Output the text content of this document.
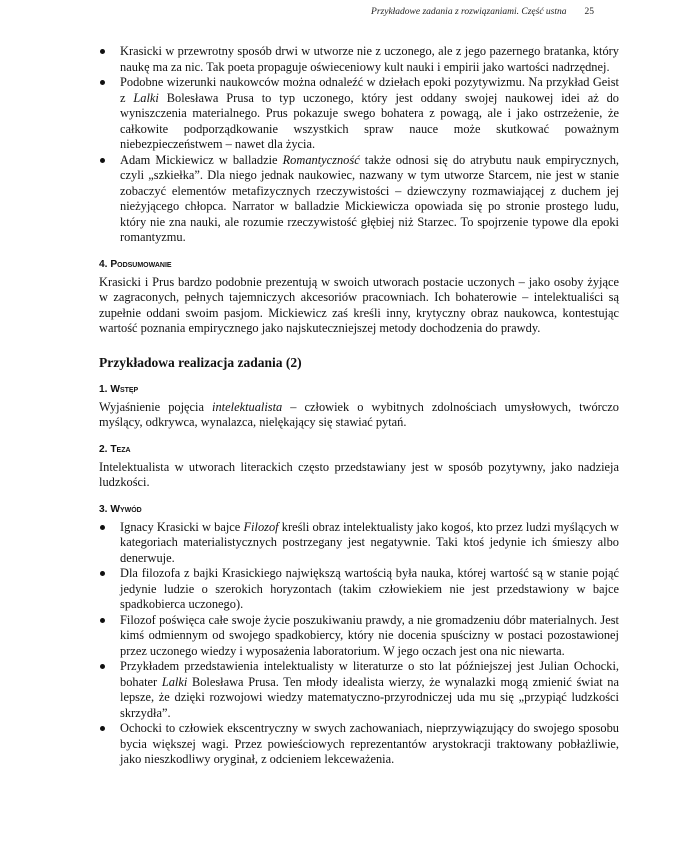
Przykładowe zadania z rozwiązaniami. Część ustna 25
Krasicki w przewrotny sposób drwi w utworze nie z uczonego, ale z jego pazernego bratanka, który naukę ma za nic. Tak poeta propaguje oświeceniowy kult nauki i empirii jako wartości nadrzędnej.
Podobne wizerunki naukowców można odnaleźć w dziełach epoki pozytywizmu. Na przykład Geist z Lalki Bolesława Prusa to typ uczonego, który jest oddany swojej naukowej idei aż do wyniszczenia materialnego. Prus pokazuje swego bohatera z powagą, ale i jako ostrzeżenie, że całkowite podporządkowanie wszystkich spraw nauce może skutkować poważnym niebezpieczeństwem – nawet dla życia.
Adam Mickiewicz w balladzie Romantyczność także odnosi się do atrybutu nauk empirycznych, czyli „szkiełka”. Dla niego jednak naukowiec, nazwany w tym utworze Starcem, nie jest w stanie zobaczyć elementów metafizycznych rzeczywistości – dziewczyny rozmawiającej z duchem jej nieżyjącego chłopca. Narrator w balladzie Mickiewicza opowiada się po stronie prostego ludu, który nie zna nauki, ale rozumie rzeczywistość głębiej niż Starzec. To spojrzenie typowe dla epoki romantyzmu.
4. Podsumowanie

Krasicki i Prus bardzo podobnie prezentują w swoich utworach postacie uczonych – jako osoby żyjące w zagraconych, pełnych tajemniczych akcesoriów pracowniach. Ich bohaterowie – intelektualiści są zupełnie oddani swoim pasjom. Mickiewicz zaś kreśli inny, krytyczny obraz naukowca, kontestując wartość poznania empirycznego jako najskuteczniejszej metody dochodzenia do prawdy.

Przykładowa realizacja zadania (2)
1. Wstęp

Wyjaśnienie pojęcia intelektualista – człowiek o wybitnych zdolnościach umysłowych, twórczo myślący, odkrywca, wynalazca, nielękający się stawiać pytań.

2. Teza

Intelektualista w utworach literackich często przedstawiany jest w sposób pozytywny, jako nadzieja ludzkości.

3. Wywód
Ignacy Krasicki w bajce Filozof kreśli obraz intelektualisty jako kogoś, kto przez ludzi myślących w kategoriach materialistycznych postrzegany jest negatywnie. Taki ktoś jedynie ich śmieszy albo denerwuje.
Dla filozofa z bajki Krasickiego największą wartością była nauka, której wartość są w stanie pojąć jedynie ludzie o szerokich horyzontach (takim człowiekiem nie jest przedstawiony w bajce spadkobierca uczonego).
Filozof poświęca całe swoje życie poszukiwaniu prawdy, a nie gromadzeniu dóbr materialnych. Jest kimś odmiennym od swojego spadkobiercy, który nie docenia spuścizny w postaci pozostawionej przez uczonego wiedzy i wyposażenia laboratorium. W jego oczach jest ona nic niewarta.
Przykładem przedstawienia intelektualisty w literaturze o sto lat późniejszej jest Julian Ochocki, bohater Lalki Bolesława Prusa. Ten młody idealista wierzy, że wynalazki mogą zmienić świat na lepsze, że dzięki rozwojowi wiedzy matematyczno-przyrodniczej uda mu się „przypiąć ludzkości skrzydła”.
Ochocki to człowiek ekscentryczny w swych zachowaniach, nieprzywiązujący do swojego sposobu bycia większej wagi. Przez powieściowych reprezentantów arystokracji traktowany pobłażliwie, jako nieszkodliwy oryginał, z odcieniem lekceważenia.
